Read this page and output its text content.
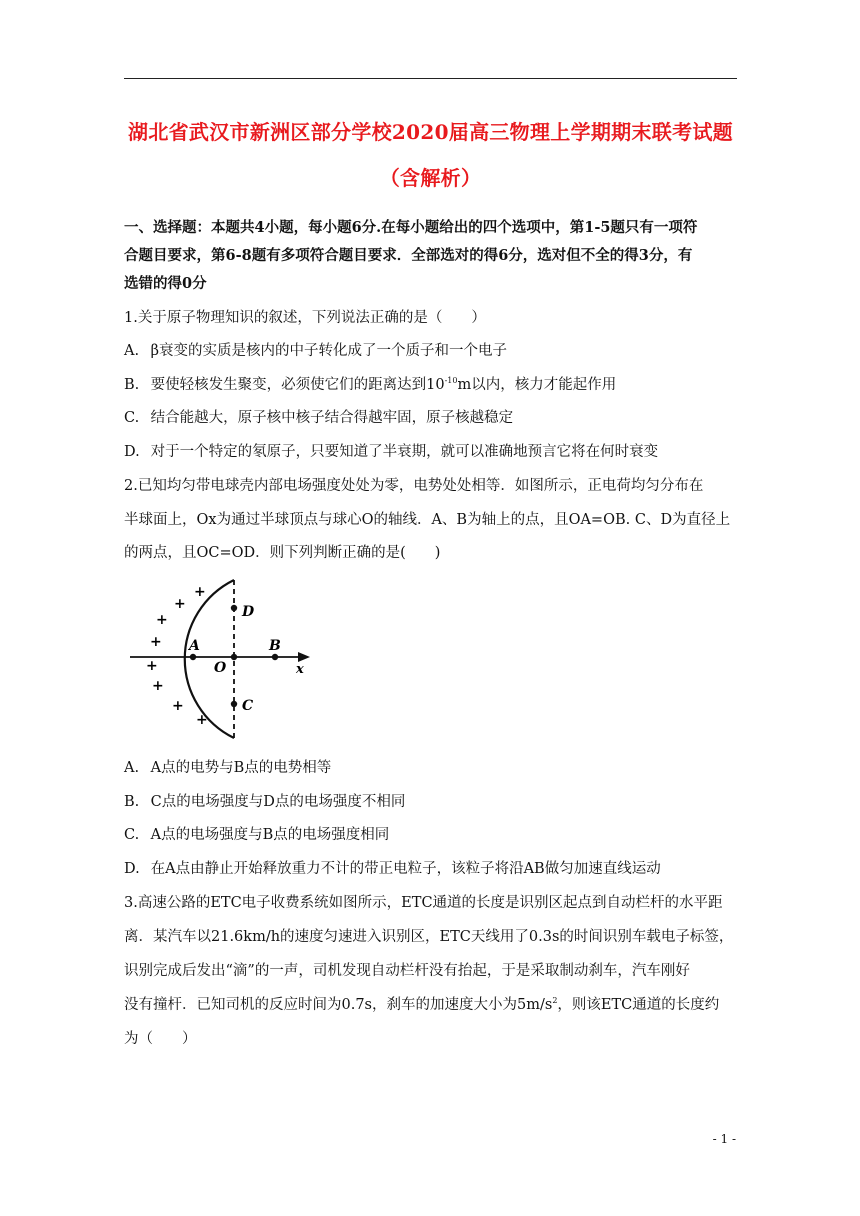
湖北省武汉市新洲区部分学校2020届高三物理上学期期末联考试题
（含解析）
一、选择题：本题共4小题，每小题6分.在每小题给出的四个选项中，第1-5题只有一项符
合题目要求，第6-8题有多项符合题目要求．全部选对的得6分，选对但不全的得3分，有
选错的得0分
1.关于原子物理知识的叙述，下列说法正确的是（　　）
A. β衰变的实质是核内的中子转化成了一个质子和一个电子
B. 要使轻核发生聚变，必须使它们的距离达到$10^{-10}m$以内，核力才能起作用
C. 结合能越大，原子核中核子结合得越牢固，原子核越稳定
D. 对于一个特定的氡原子，只要知道了半衰期，就可以准确地预言它将在何时衰变
2.已知均匀带电球壳内部电场强度处处为零，电势处处相等．如图所示，正电荷均匀分布在
半球面上，Ox为通过半球顶点与球心O的轴线．A、B为轴上的点，且OA=OB. C、D为直径上
的两点，且OC=OD．则下列判断正确的是(　　)
A
O
B
D
C
x
+
+
+
+
+
+
+
+
A. A点的电势与B点的电势相等
B. C点的电场强度与D点的电场强度不相同
C. A点的电场强度与B点的电场强度相同
D. 在A点由静止开始释放重力不计的带正电粒子，该粒子将沿AB做匀加速直线运动
3.高速公路的ETC电子收费系统如图所示，ETC通道的长度是识别区起点到自动栏杆的水平距
离．某汽车以21.6km/h的速度匀速进入识别区，ETC天线用了0.3s的时间识别车载电子标签，
识别完成后发出“滴”的一声，司机发现自动栏杆没有抬起，于是采取制动刹车，汽车刚好
没有撞杆．已知司机的反应时间为0.7s，刹车的加速度大小为$5m/s^2$，则该ETC通道的长度约
为（　　）
- 1 -
